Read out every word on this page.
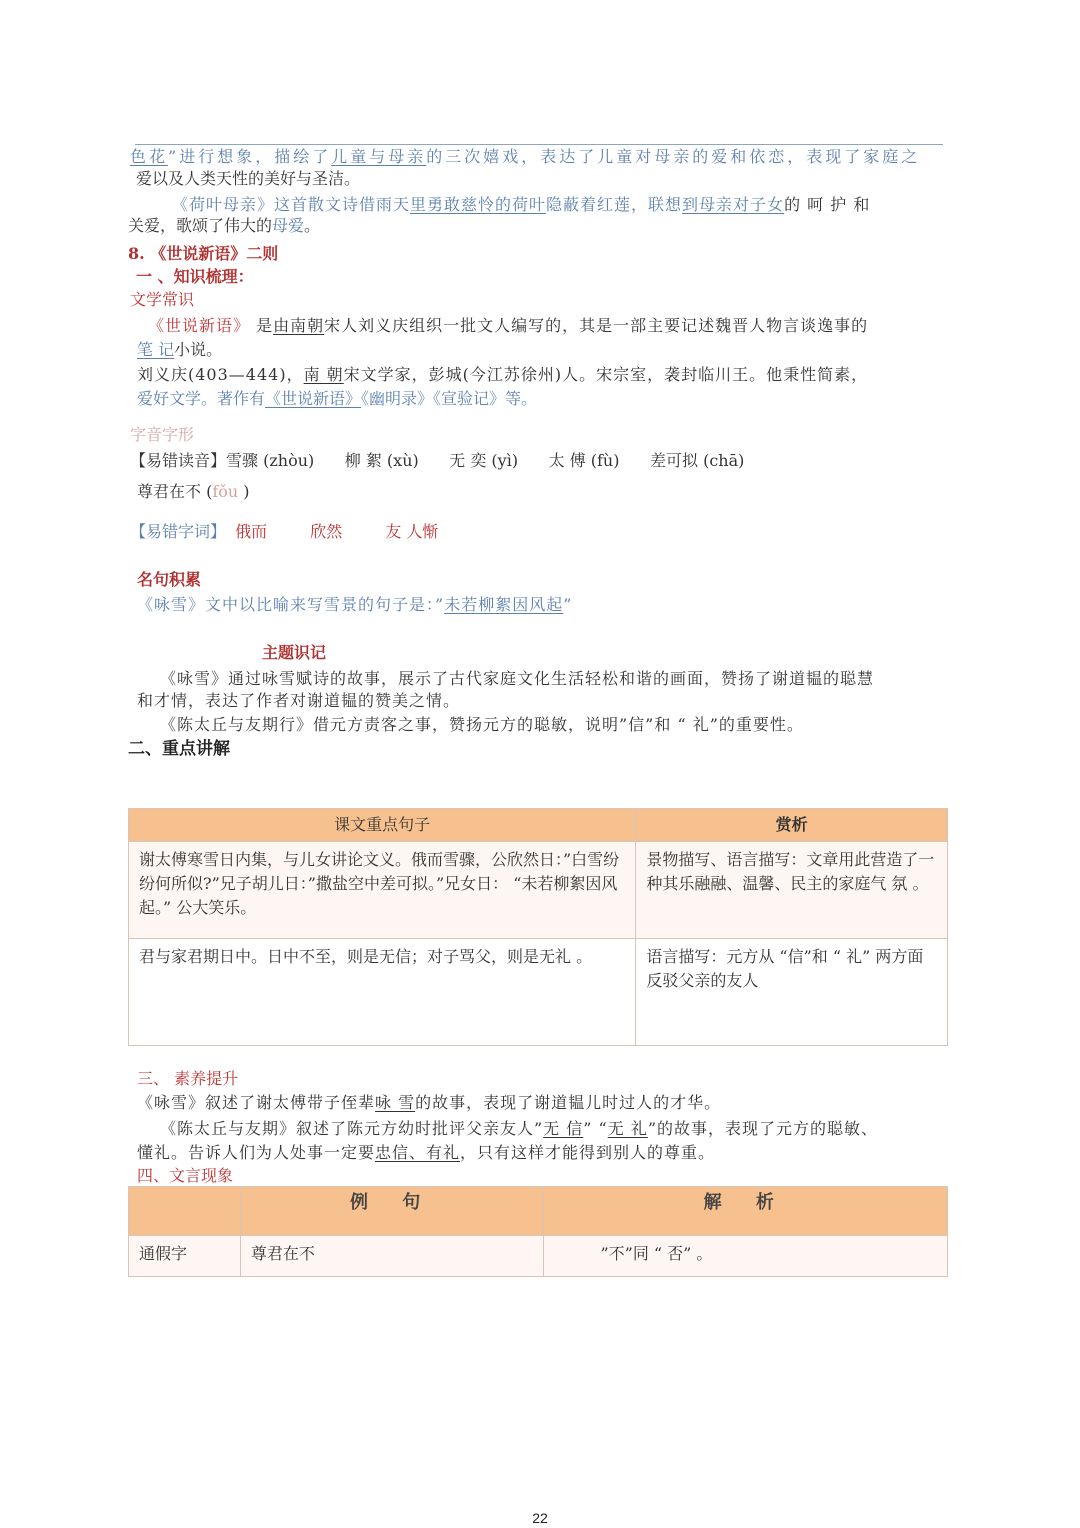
色花”进行想象，描绘了儿童与母亲的三次嬉戏，表达了儿童对母亲的爱和依恋，表现了家庭之
爱以及人类天性的美好与圣洁。
《荷叶母亲》这首散文诗借雨天里勇敢慈怜的荷叶隐蔽着红莲，联想到母亲对子女的 呵 护 和
关爱，歌颂了伟大的母爱。
8. 《世说新语》二则
一 、知识梳理：
文学常识
《世说新语》 是由南朝宋人刘义庆组织一批文人编写的，其是一部主要记述魏晋人物言谈逸事的
笔 记小说。
刘义庆(403—444)，南 朝宋文学家，彭城(今江苏徐州)人。宋宗室，袭封临川王。他秉性简素，
爱好文学。著作有《世说新语》《幽明录》《宣验记》等。
字音字形
【易错读音】雪骤 (zhòu)      柳 絮 (xù)      无 奕 (yì)      太 傅 (fù)      差可拟 (chā)
尊君在不 (fǒu )
【易错字词】 俄而	欣然	友 人惭
名句积累
《咏雪》文中以比喻来写雪景的句子是：”未若柳絮因风起”
主题识记
《咏雪》通过咏雪赋诗的故事，展示了古代家庭文化生活轻松和谐的画面，赞扬了谢道韫的聪慧
和才情，表达了作者对谢道韫的赞美之情。
《陈太丘与友期行》借元方责客之事，赞扬元方的聪敏，说明”信”和 “ 礼”的重要性。
二、重点讲解
课文重点句子	赏析
谢太傅寒雪日内集，与儿女讲论文义。俄而雪骤，公欣然日：”白雪纷纷何所似?”兄子胡儿日：”撒盐空中差可拟。”兄女日： “未若柳絮因风起。” 公大笑乐。	景物描写、语言描写：文章用此营造了一种其乐融融、温馨、民主的家庭气 氛 。
君与家君期日中。日中不至，则是无信；对子骂父，则是无礼 。	语言描写：元方从 “信”和 “ 礼” 两方面反驳父亲的友人
三、 素养提升
《咏雪》叙述了谢太傅带子侄辈咏 雪的故事，表现了谢道韫儿时过人的才华。
《陈太丘与友期》叙述了陈元方幼时批评父亲友人”无 信” “无 礼”的故事，表现了元方的聪敏、
懂礼。告诉人们为人处事一定要忠信、有礼，只有这样才能得到别人的尊重。
四、文言现象
	例 句	解 析
通假字	尊君在不	”不”同 “ 否” 。
22
